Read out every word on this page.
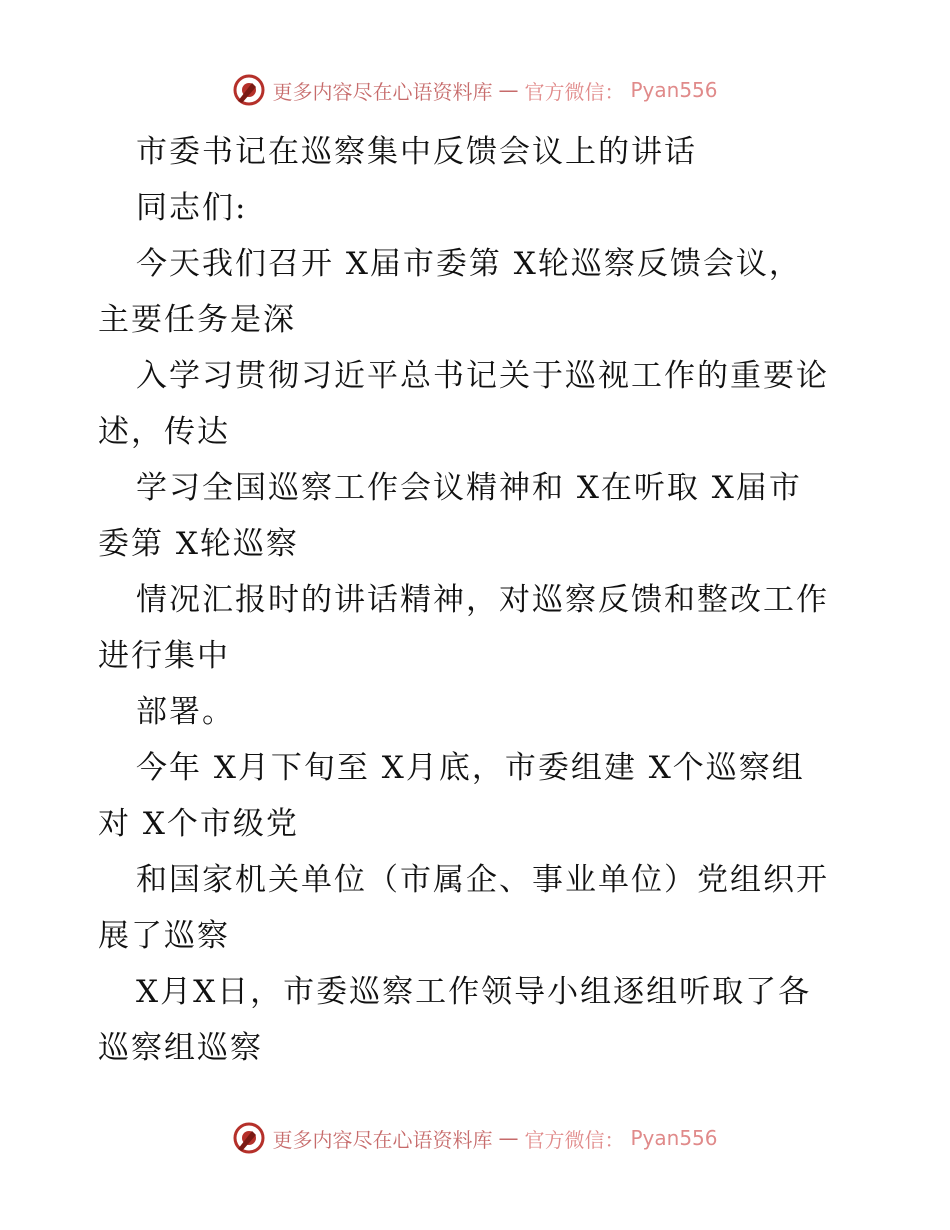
更多内容尽在心语资料库 — 官方微信： Pyan556
市委书记在巡察集中反馈会议上的讲话
同志们:
今天我们召开 X届市委第 X轮巡察反馈会议，
主要任务是深
入学习贯彻习近平总书记关于巡视工作的重要论
述，传达
学习全国巡察工作会议精神和 X在听取 X届市
委第 X轮巡察
情况汇报时的讲话精神，对巡察反馈和整改工作
进行集中
部署。
今年 X月下旬至 X月底，市委组建 X个巡察组
对 X个市级党
和国家机关单位（市属企、事业单位）党组织开
展了巡察
X月X日，市委巡察工作领导小组逐组听取了各
巡察组巡察
更多内容尽在心语资料库 — 官方微信： Pyan556
